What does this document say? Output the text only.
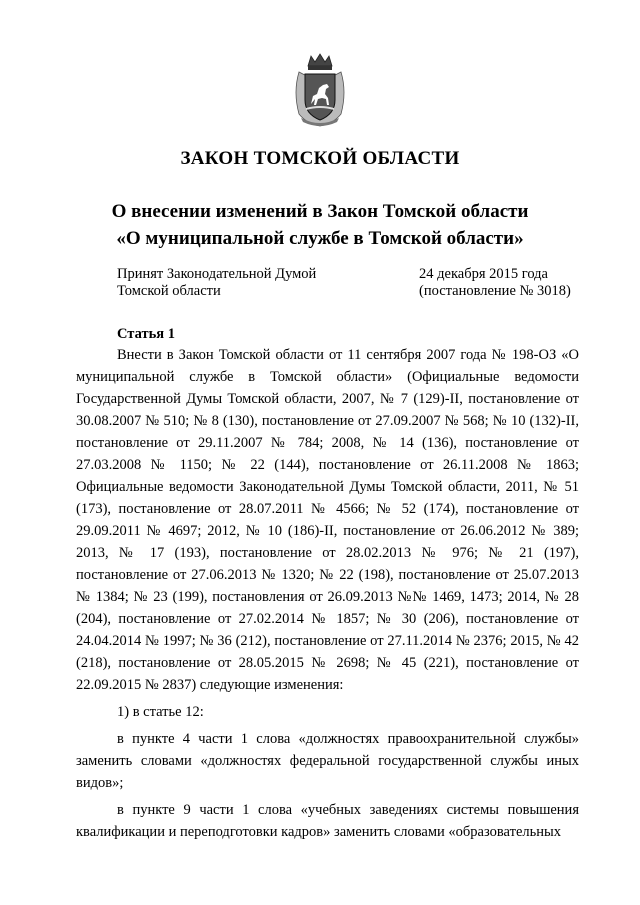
ЗАКОН ТОМСКОЙ ОБЛАСТИ
О внесении изменений в Закон Томской области
«О муниципальной службе в Томской области»
Принят Законодательной Думой
Томской области
24 декабря 2015 года
(постановление № 3018)
Статья 1

Внести в Закон Томской области от 11 сентября 2007 года № 198-ОЗ «О муниципальной службе в Томской области» (Официальные ведомости Государственной Думы Томской области, 2007, № 7 (129)-II, постановление от 30.08.2007 № 510; № 8 (130), постановление от 27.09.2007 № 568; № 10 (132)-II, постановление от 29.11.2007 № 784; 2008, № 14 (136), постановление от 27.03.2008 № 1150; № 22 (144), постановление от 26.11.2008 № 1863; Официальные ведомости Законодательной Думы Томской области, 2011, № 51 (173), постановление от 28.07.2011 № 4566; № 52 (174), постановление от 29.09.2011 № 4697; 2012, № 10 (186)-II, постановление от 26.06.2012 № 389; 2013, № 17 (193), постановление от 28.02.2013 № 976; № 21 (197), постановление от 27.06.2013 № 1320; № 22 (198), постановление от 25.07.2013 № 1384; № 23 (199), постановления от 26.09.2013 №№ 1469, 1473; 2014, № 28 (204), постановление от 27.02.2014 № 1857; № 30 (206), постановление от 24.04.2014 № 1997; № 36 (212), постановление от 27.11.2014 № 2376; 2015, № 42 (218), постановление от 28.05.2015 № 2698; № 45 (221), постановление от 22.09.2015 № 2837) следующие изменения:

1) в статье 12:

в пункте 4 части 1 слова «должностях правоохранительной службы» заменить словами «должностях федеральной государственной службы иных видов»;

в пункте 9 части 1 слова «учебных заведениях системы повышения квалификации и переподготовки кадров» заменить словами «образовательных
